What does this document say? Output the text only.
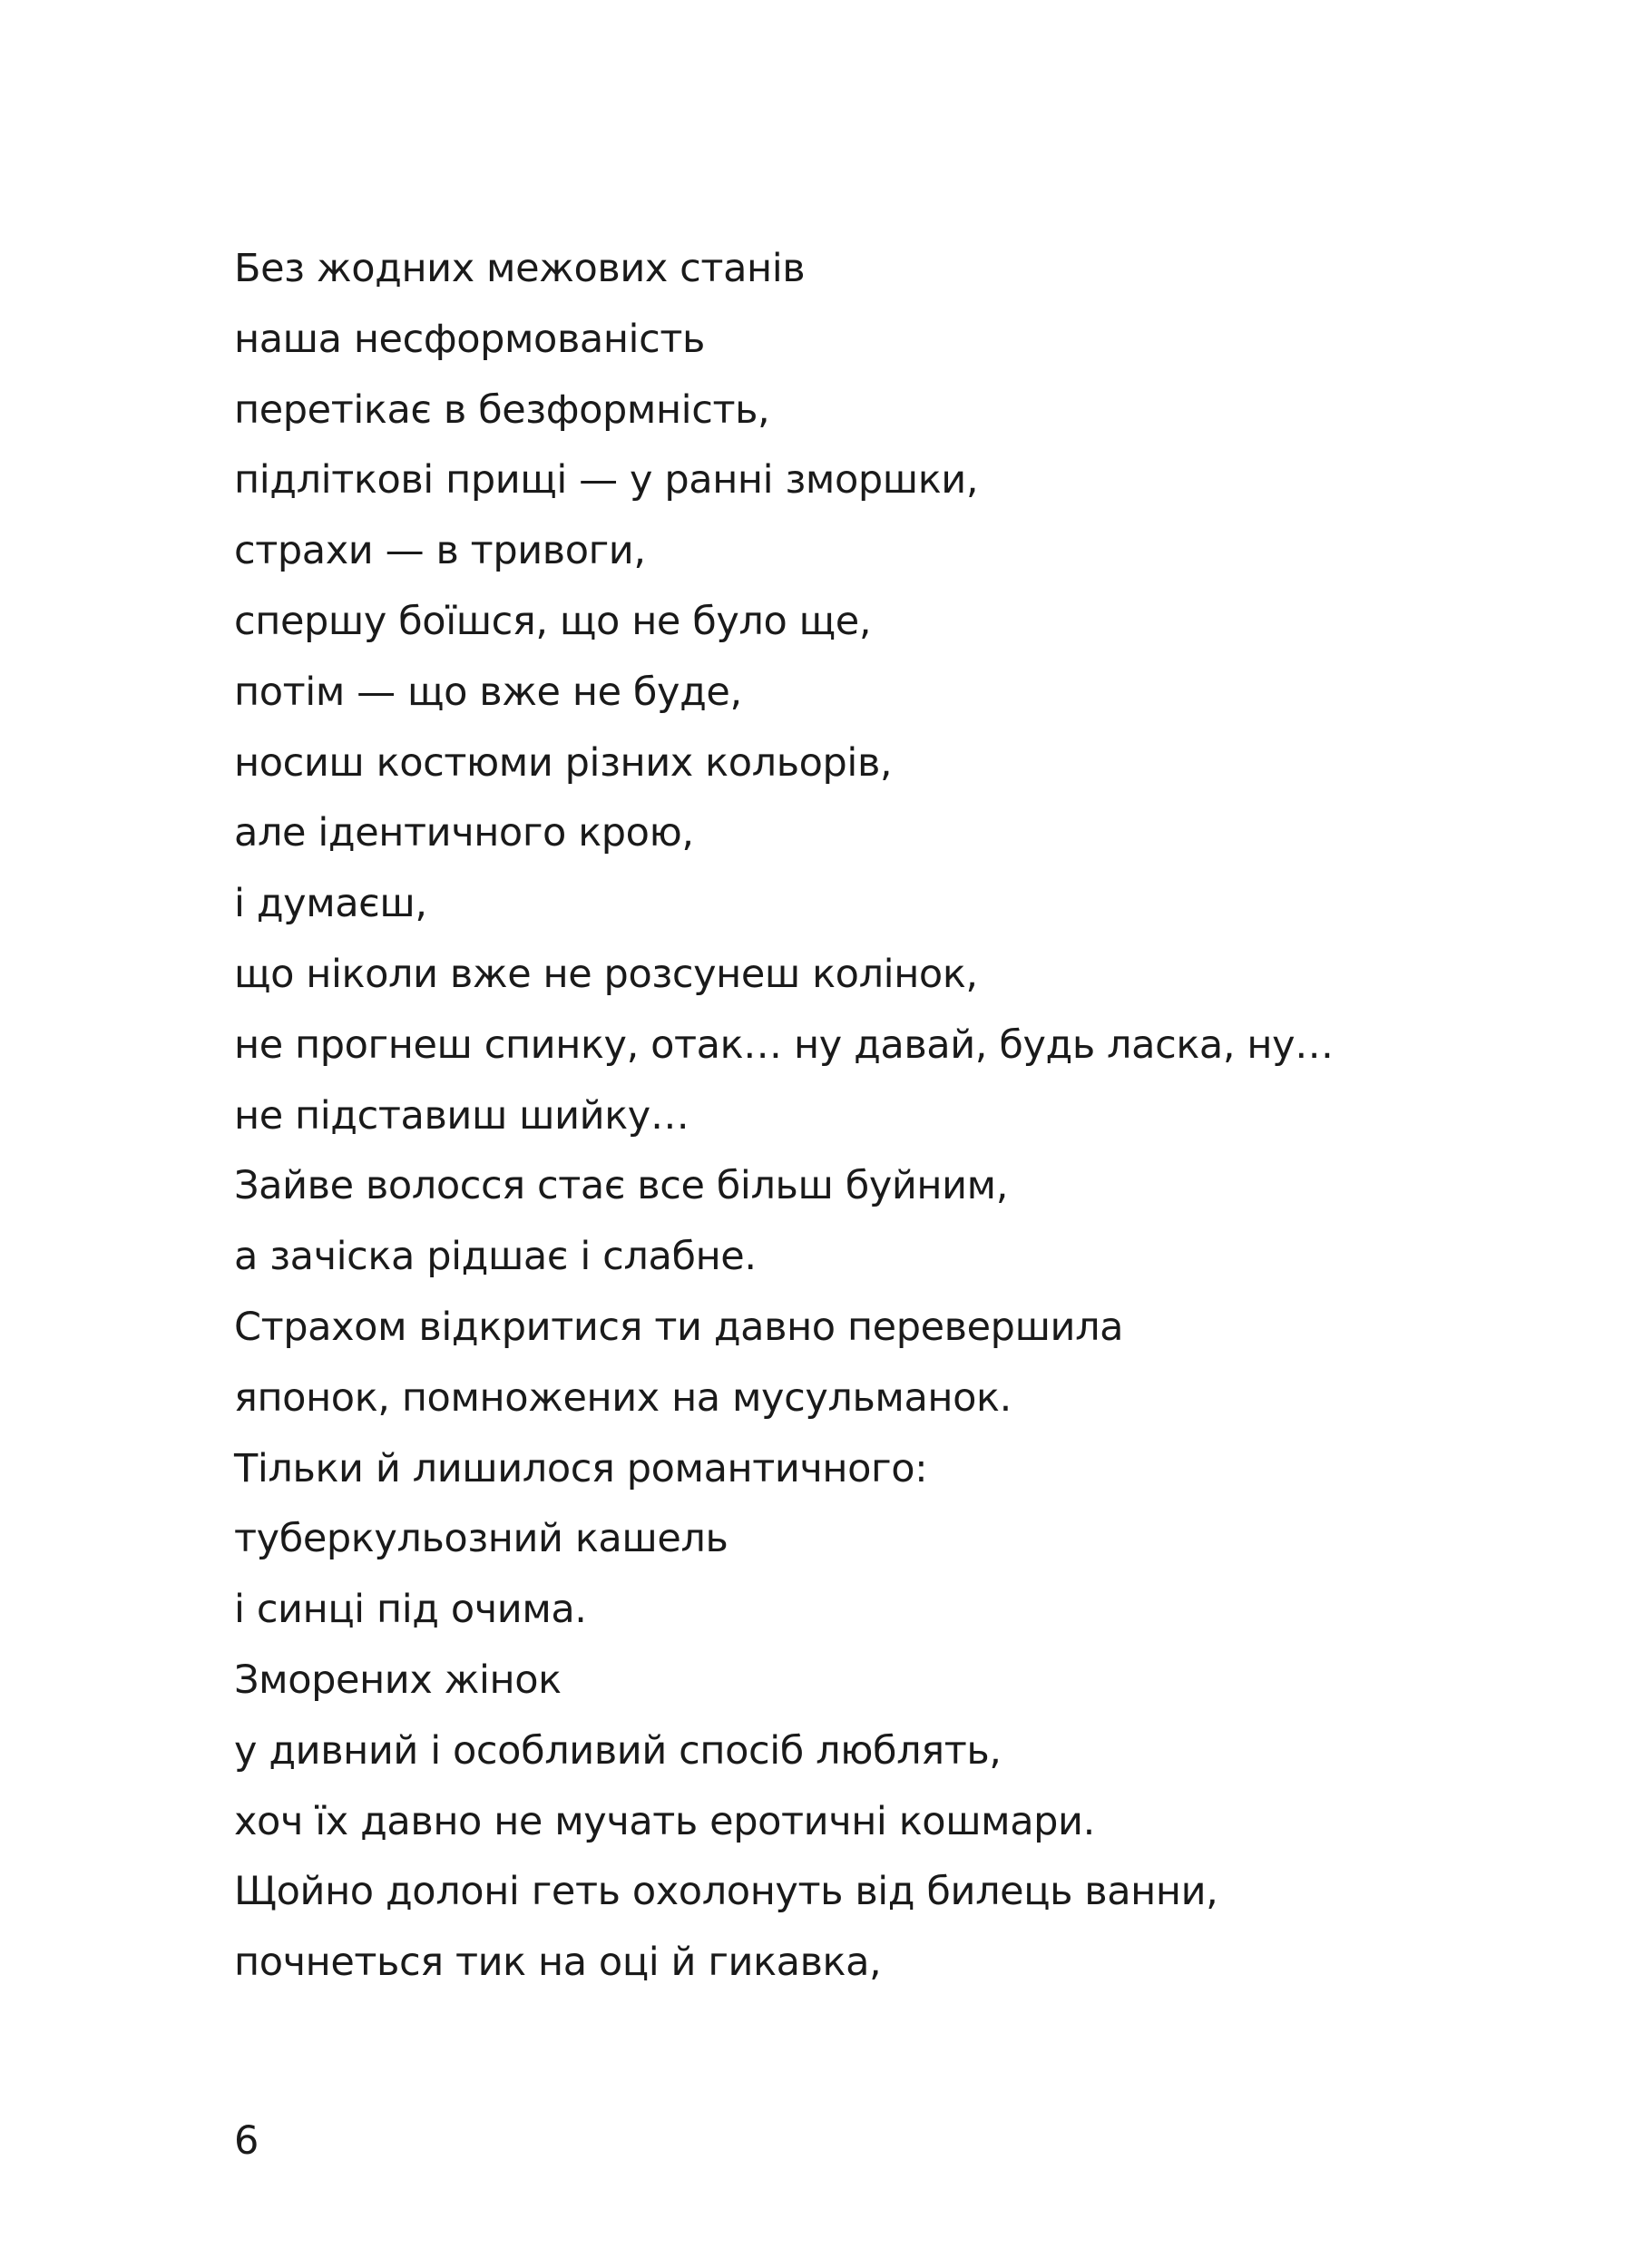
Без жодних межових станів
наша несформованість
перетікає в безформність,
підліткові прищі — у ранні зморшки,
страхи — в тривоги,
спершу боїшся, що не було ще,
потім — що вже не буде,
носиш костюми різних кольорів,
але ідентичного крою,
і думаєш,
що ніколи вже не розсунеш колінок,
не прогнеш спинку, отак… ну давай, будь ласка, ну…
не підставиш шийку…
Зайве волосся стає все більш буйним,
а зачіска рідшає і слабне.
Страхом відкритися ти давно перевершила
японок, помножених на мусульманок.
Тільки й лишилося романтичного:
туберкульозний кашель
і синці під очима.
Зморених жінок
у дивний і особливий спосіб люблять,
хоч їх давно не мучать еротичні кошмари.
Щойно долоні геть охолонуть від билець ванни,
почнеться тик на оці й гикавка,
6
